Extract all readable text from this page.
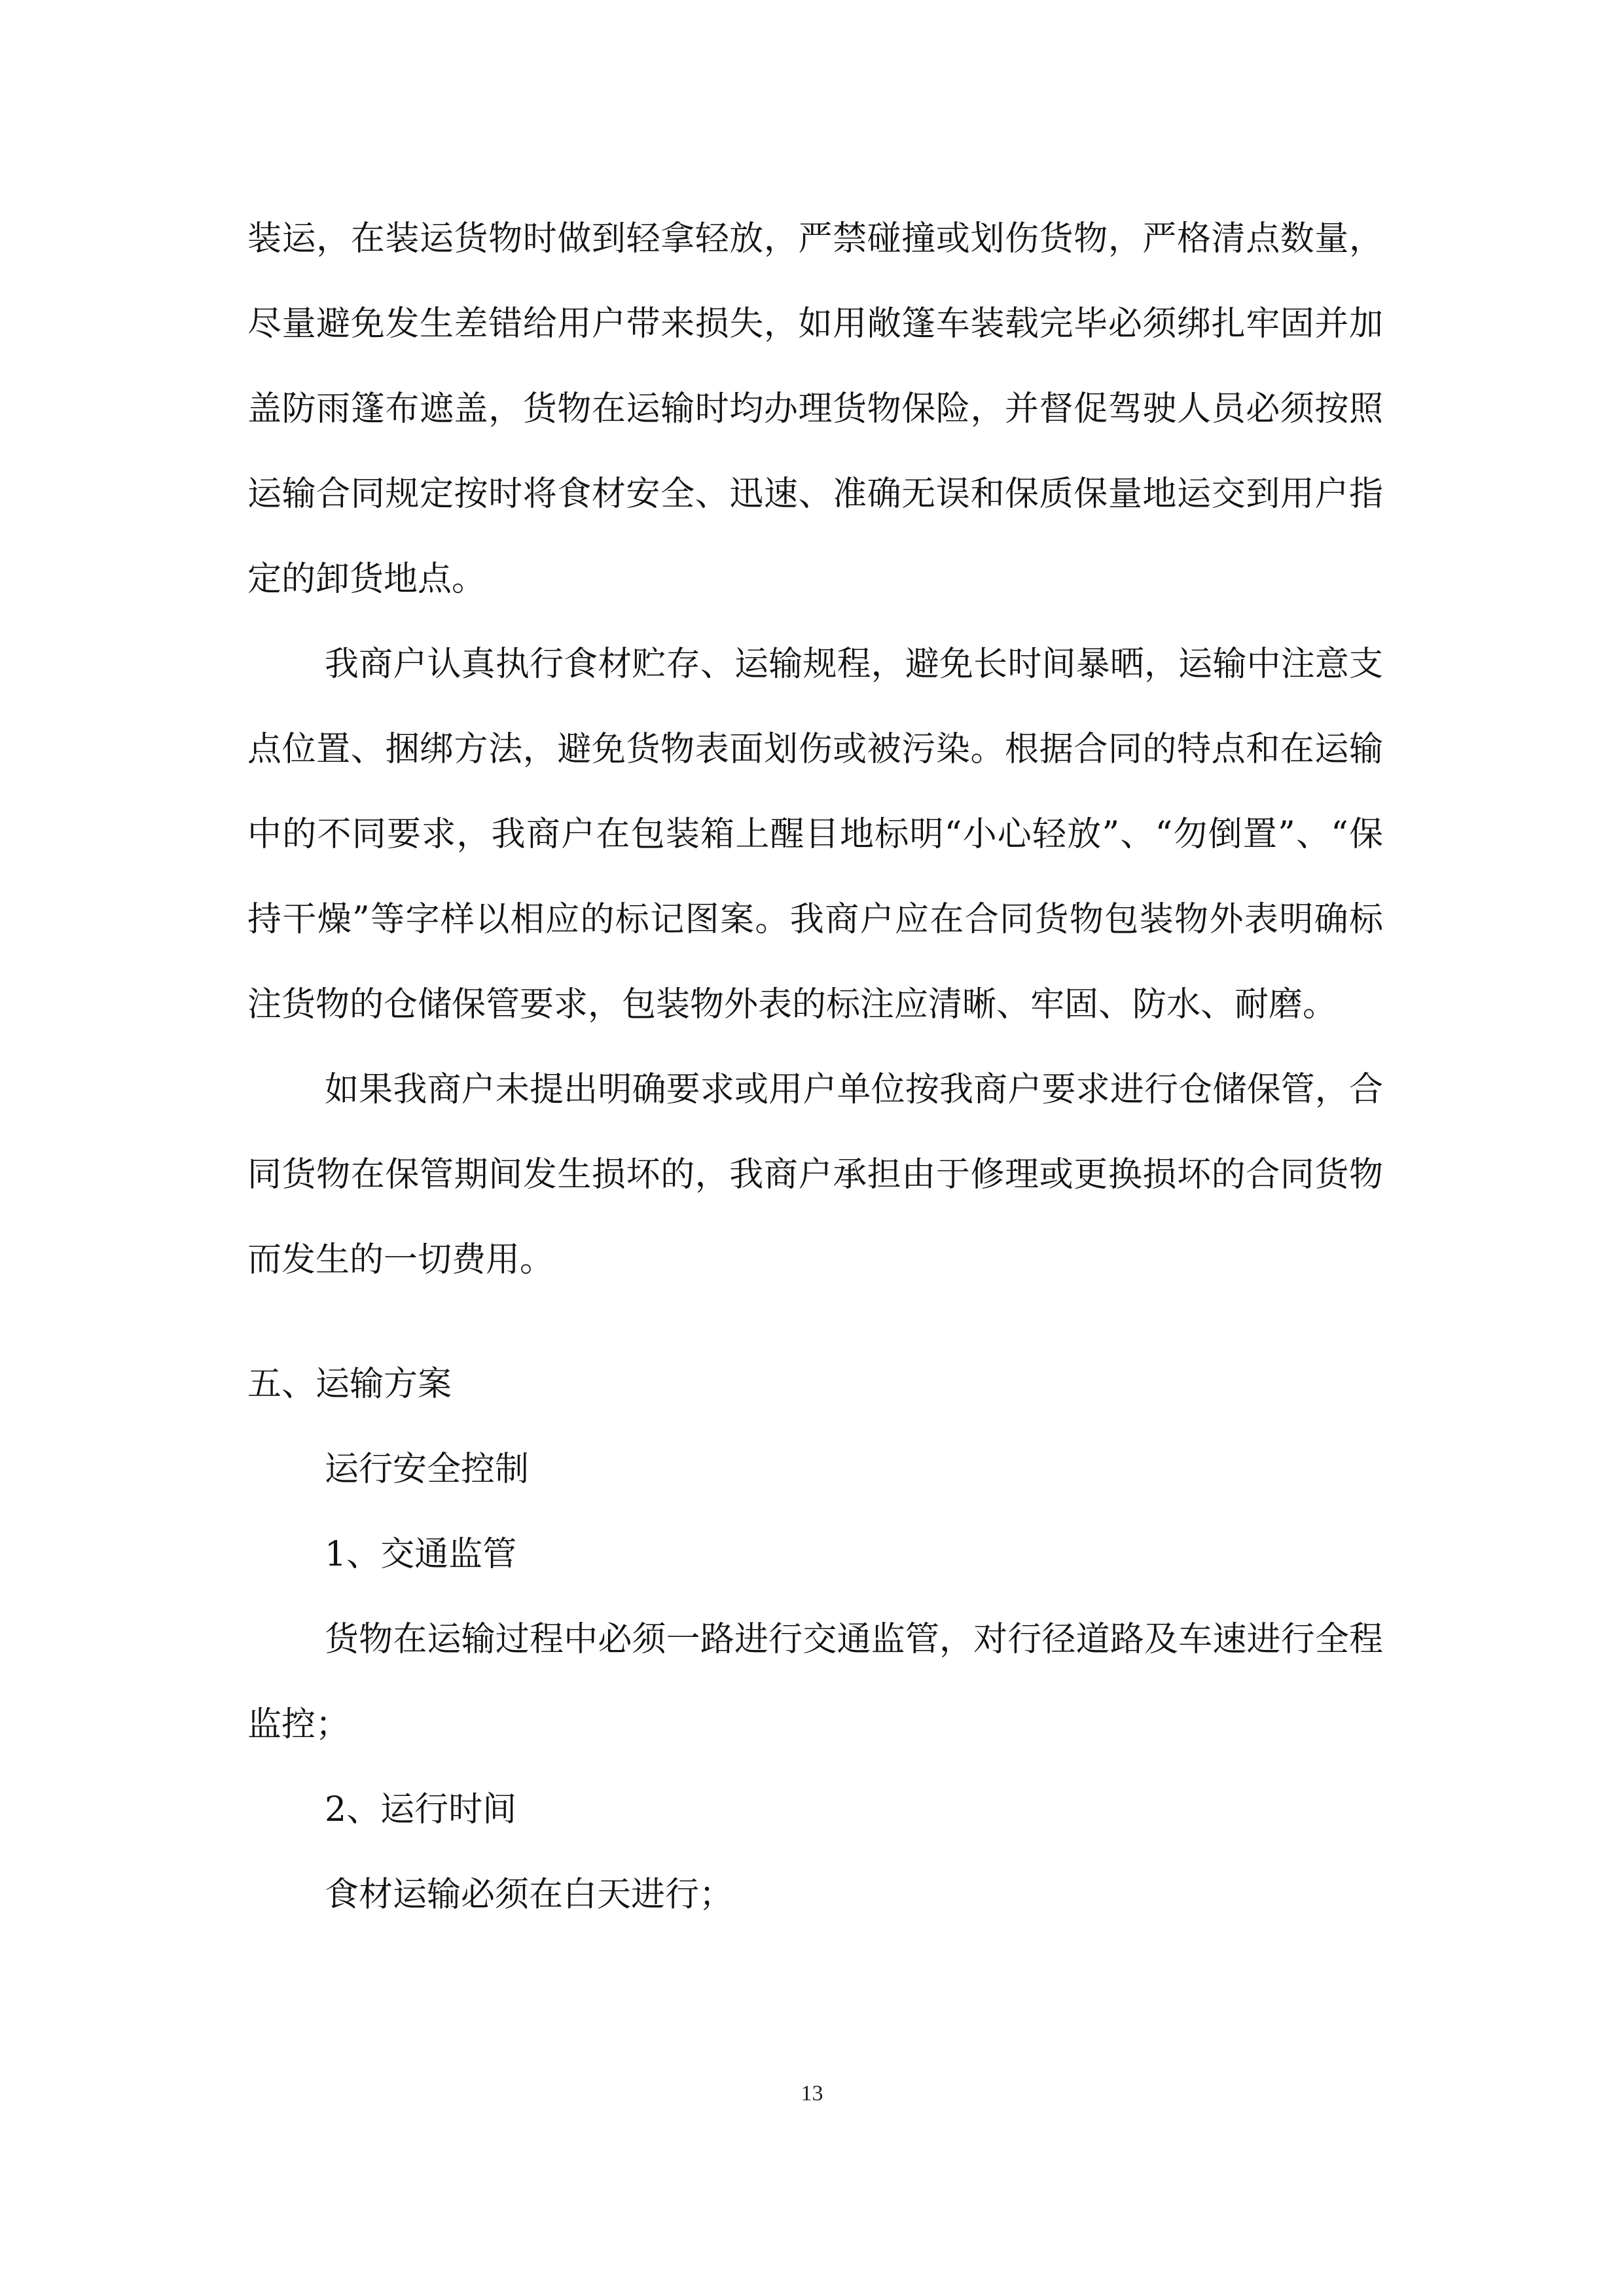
装运，在装运货物时做到轻拿轻放，严禁碰撞或划伤货物，严格清点数量，尽量避免发生差错给用户带来损失，如用敞篷车装载完毕必须绑扎牢固并加盖防雨篷布遮盖，货物在运输时均办理货物保险，并督促驾驶人员必须按照运输合同规定按时将食材安全、迅速、准确无误和保质保量地运交到用户指定的卸货地点。

我商户认真执行食材贮存、运输规程，避免长时间暴晒，运输中注意支点位置、捆绑方法，避免货物表面划伤或被污染。根据合同的特点和在运输中的不同要求，我商户在包装箱上醒目地标明“小心轻放”、“勿倒置”、“保持干燥”等字样以相应的标记图案。我商户应在合同货物包装物外表明确标注货物的仓储保管要求，包装物外表的标注应清晰、牢固、防水、耐磨。

如果我商户未提出明确要求或用户单位按我商户要求进行仓储保管，合同货物在保管期间发生损坏的，我商户承担由于修理或更换损坏的合同货物而发生的一切费用。

五、运输方案

运行安全控制

1、交通监管

货物在运输过程中必须一路进行交通监管，对行径道路及车速进行全程监控；

2、运行时间

食材运输必须在白天进行；

13
